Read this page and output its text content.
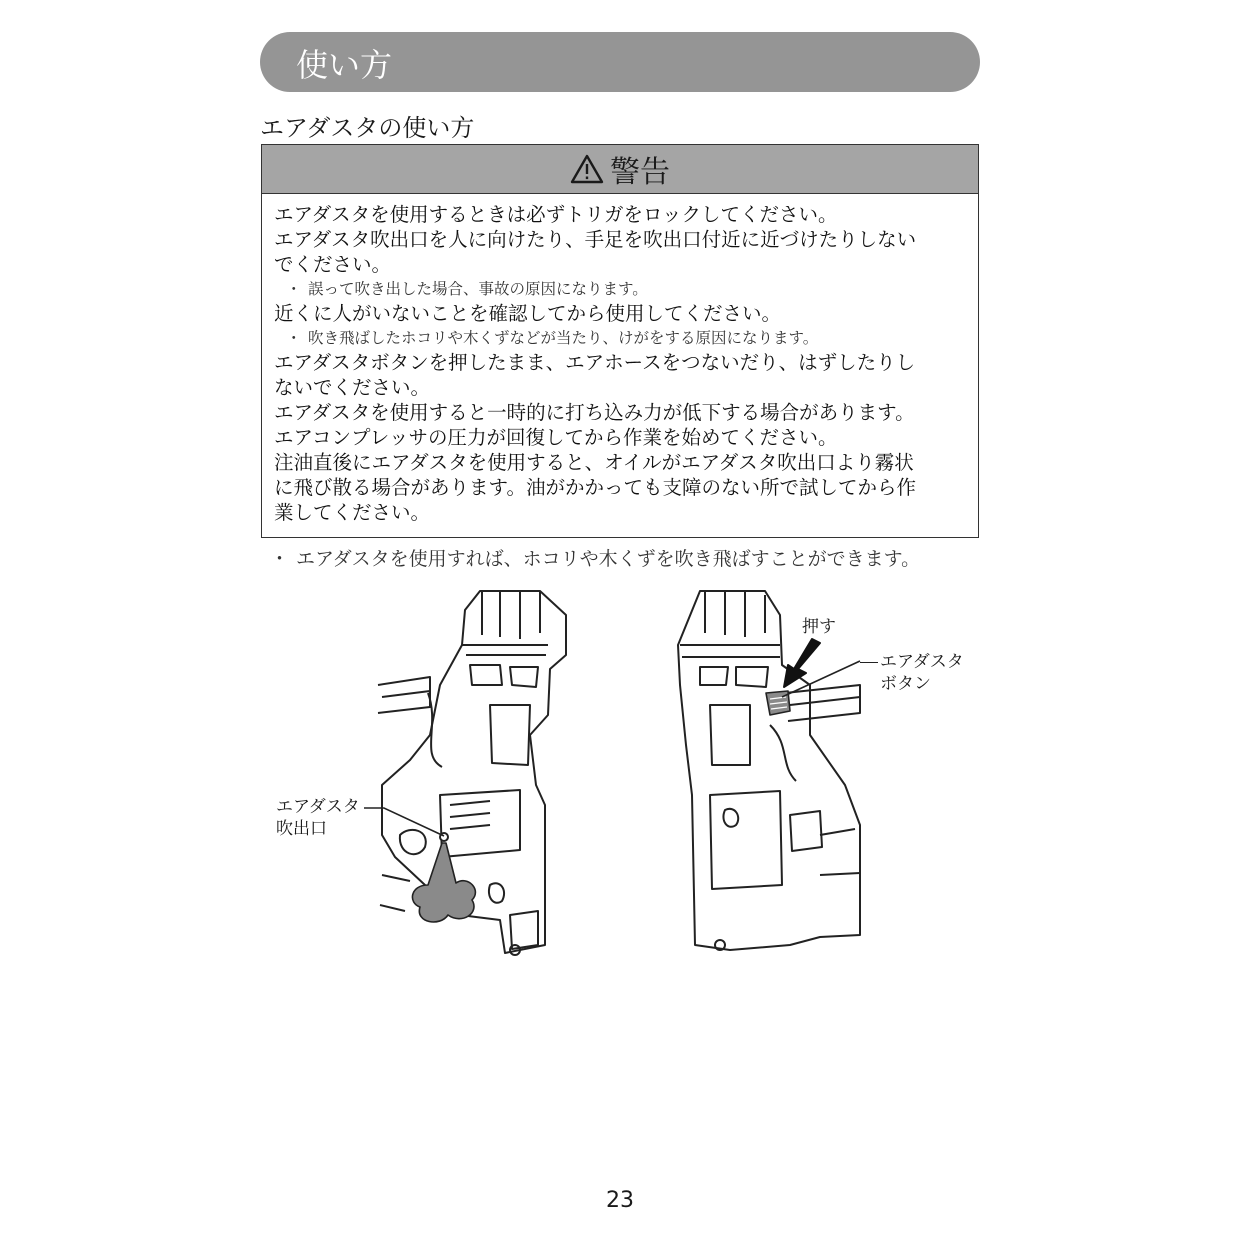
使い方
エアダスタの使い方
警告
エアダスタを使用するときは必ずトリガをロックしてください。
エアダスタ吹出口を人に向けたり、手足を吹出口付近に近づけたりしない
でください。
・ 誤って吹き出した場合、事故の原因になります。
近くに人がいないことを確認してから使用してください。
・ 吹き飛ばしたホコリや木くずなどが当たり、けがをする原因になります。
エアダスタボタンを押したまま、エアホースをつないだり、はずしたりし
ないでください。
エアダスタを使用すると一時的に打ち込み力が低下する場合があります。
エアコンプレッサの圧力が回復してから作業を始めてください。
注油直後にエアダスタを使用すると、オイルがエアダスタ吹出口より霧状
に飛び散る場合があります。油がかかっても支障のない所で試してから作
業してください。
・ エアダスタを使用すれば、ホコリや木くずを吹き飛ばすことができます。
押す
エアダスタ
ボタン
エアダスタ
吹出口
23
